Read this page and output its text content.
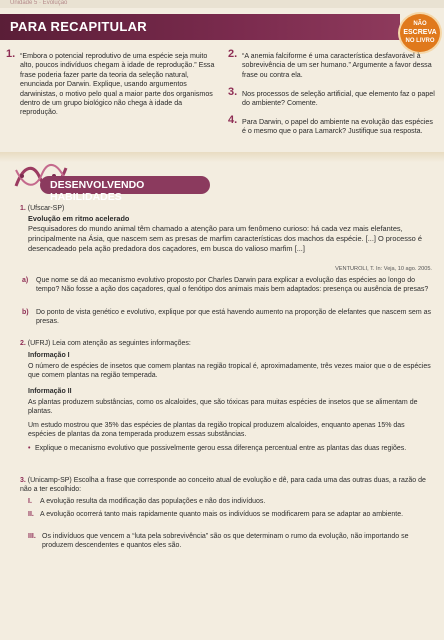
Unidade 5 · Evolução
PARA RECAPITULAR	NÃO
ESCREVA
NO LIVRO
1. “Embora o potencial reprodutivo de uma espécie seja muito alto, poucos indivíduos chegam à idade de reprodução.” Essa frase poderia fazer parte da teoria da seleção natural, enunciada por Darwin. Explique, usando argumentos darwinistas, o motivo pelo qual a maior parte dos organismos dentro de um grupo biológico não chega à idade da reprodução.
2. “A anemia falciforme é uma característica desfavorável à sobrevivência de um ser humano.” Argumente a favor dessa frase ou contra ela.
3. Nos processos de seleção artificial, que elemento faz o papel do ambiente? Comente.
4. Para Darwin, o papel do ambiente na evolução das espécies é o mesmo que o para Lamarck? Justifique sua resposta.
DESENVOLVENDO HABILIDADES
1. (Ufscar-SP)
Evolução em ritmo acelerado
Pesquisadores do mundo animal têm chamado a atenção para um fenômeno curioso: há cada vez mais elefantes, principalmente na Ásia, que nascem sem as presas de marfim características dos machos da espécie. [...] O processo é desencadeado pela ação predadora dos caçadores, em busca do valioso marfim [...]
VENTUROLI, T. In: Veja, 10 ago. 2005.
a) Que nome se dá ao mecanismo evolutivo proposto por Charles Darwin para explicar a evolução das espécies ao longo do tempo? Não fosse a ação dos caçadores, qual o fenótipo dos animais mais bem adaptados: presença ou ausência de presas?
b) Do ponto de vista genético e evolutivo, explique por que está havendo aumento na proporção de elefantes que nascem sem as presas.
2. (UFRJ) Leia com atenção as seguintes informações:
Informação I
O número de espécies de insetos que comem plantas na região tropical é, aproximadamente, três vezes maior que o de espécies que comem plantas na região temperada.
Informação II
As plantas produzem substâncias, como os alcaloides, que são tóxicas para muitas espécies de insetos que se alimentam de plantas.
Um estudo mostrou que 35% das espécies de plantas da região tropical produzem alcaloides, enquanto apenas 15% das espécies de plantas da zona temperada produzem essas substâncias.
• Explique o mecanismo evolutivo que possivelmente gerou essa diferença percentual entre as plantas das duas regiões.
3. (Unicamp-SP) Escolha a frase que corresponde ao conceito atual de evolução e dê, para cada uma das outras duas, a razão de não a ter escolhido:
I. A evolução resulta da modificação das populações e não dos indivíduos.
II. A evolução ocorrerá tanto mais rapidamente quanto mais os indivíduos se modificarem para se adaptar ao ambiente.
III. Os indivíduos que vencem a “luta pela sobrevivência” são os que determinam o rumo da evolução, não importando se produzem descendentes e quantos eles são.
